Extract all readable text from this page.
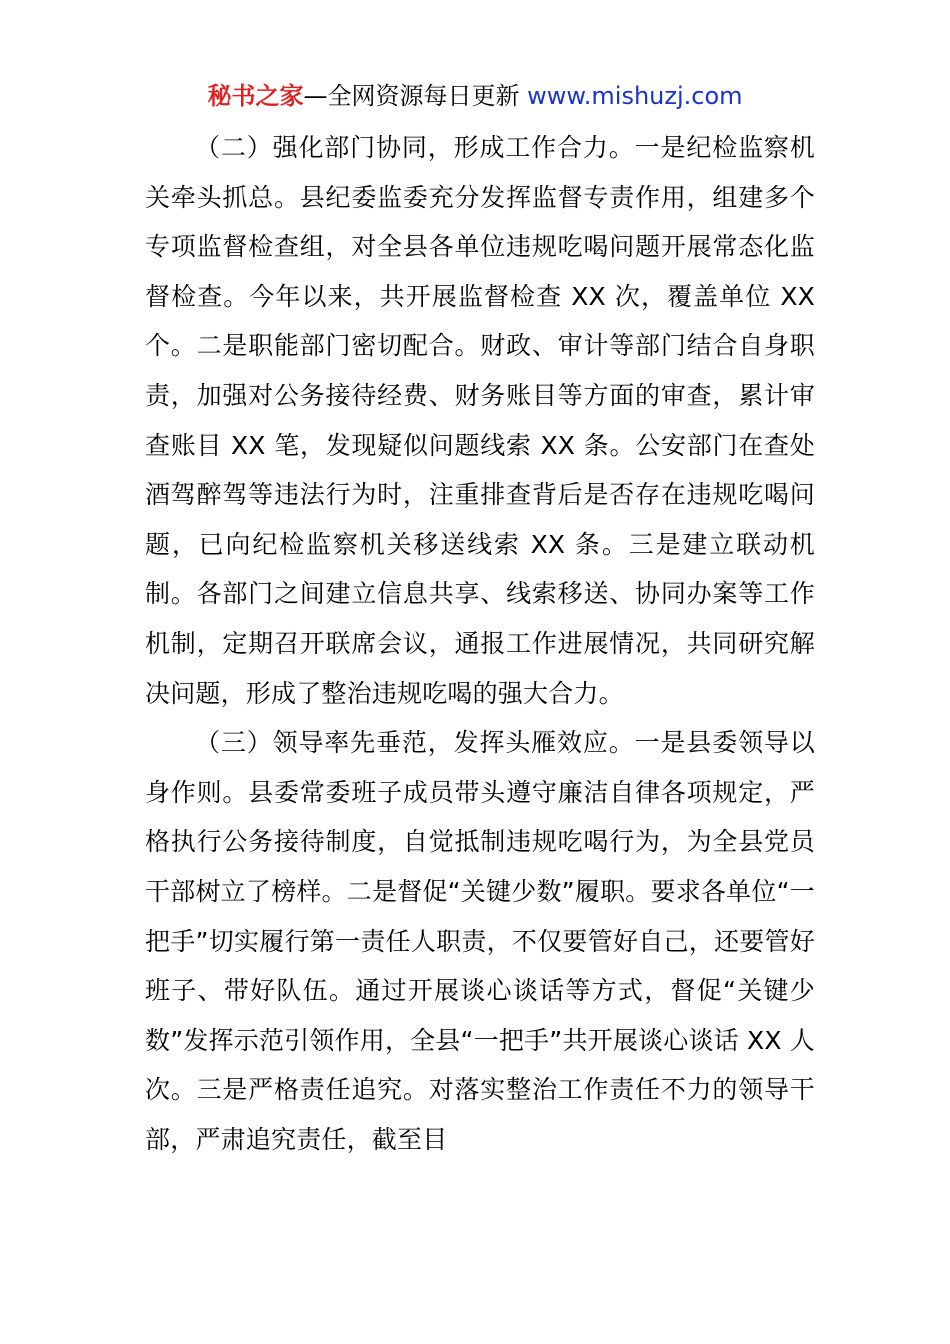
秘书之家—全网资源每日更新 www.mishuzj.com

（二）强化部门协同，形成工作合力。一是纪检监察机关牵头抓总。县纪委监委充分发挥监督专责作用，组建多个专项监督检查组，对全县各单位违规吃喝问题开展常态化监督检查。今年以来，共开展监督检查 XX 次，覆盖单位 XX 个。二是职能部门密切配合。财政、审计等部门结合自身职责，加强对公务接待经费、财务账目等方面的审查，累计审查账目 XX 笔，发现疑似问题线索 XX 条。公安部门在查处酒驾醉驾等违法行为时，注重排查背后是否存在违规吃喝问题，已向纪检监察机关移送线索 XX 条。三是建立联动机制。各部门之间建立信息共享、线索移送、协同办案等工作机制，定期召开联席会议，通报工作进展情况，共同研究解决问题，形成了整治违规吃喝的强大合力。

（三）领导率先垂范，发挥头雁效应。一是县委领导以身作则。县委常委班子成员带头遵守廉洁自律各项规定，严格执行公务接待制度，自觉抵制违规吃喝行为，为全县党员干部树立了榜样。二是督促“关键少数”履职。要求各单位“一把手”切实履行第一责任人职责，不仅要管好自己，还要管好班子、带好队伍。通过开展谈心谈话等方式，督促“关键少数”发挥示范引领作用，全县“一把手”共开展谈心谈话 XX 人次。三是严格责任追究。对落实整治工作责任不力的领导干部，严肃追究责任，截至目
